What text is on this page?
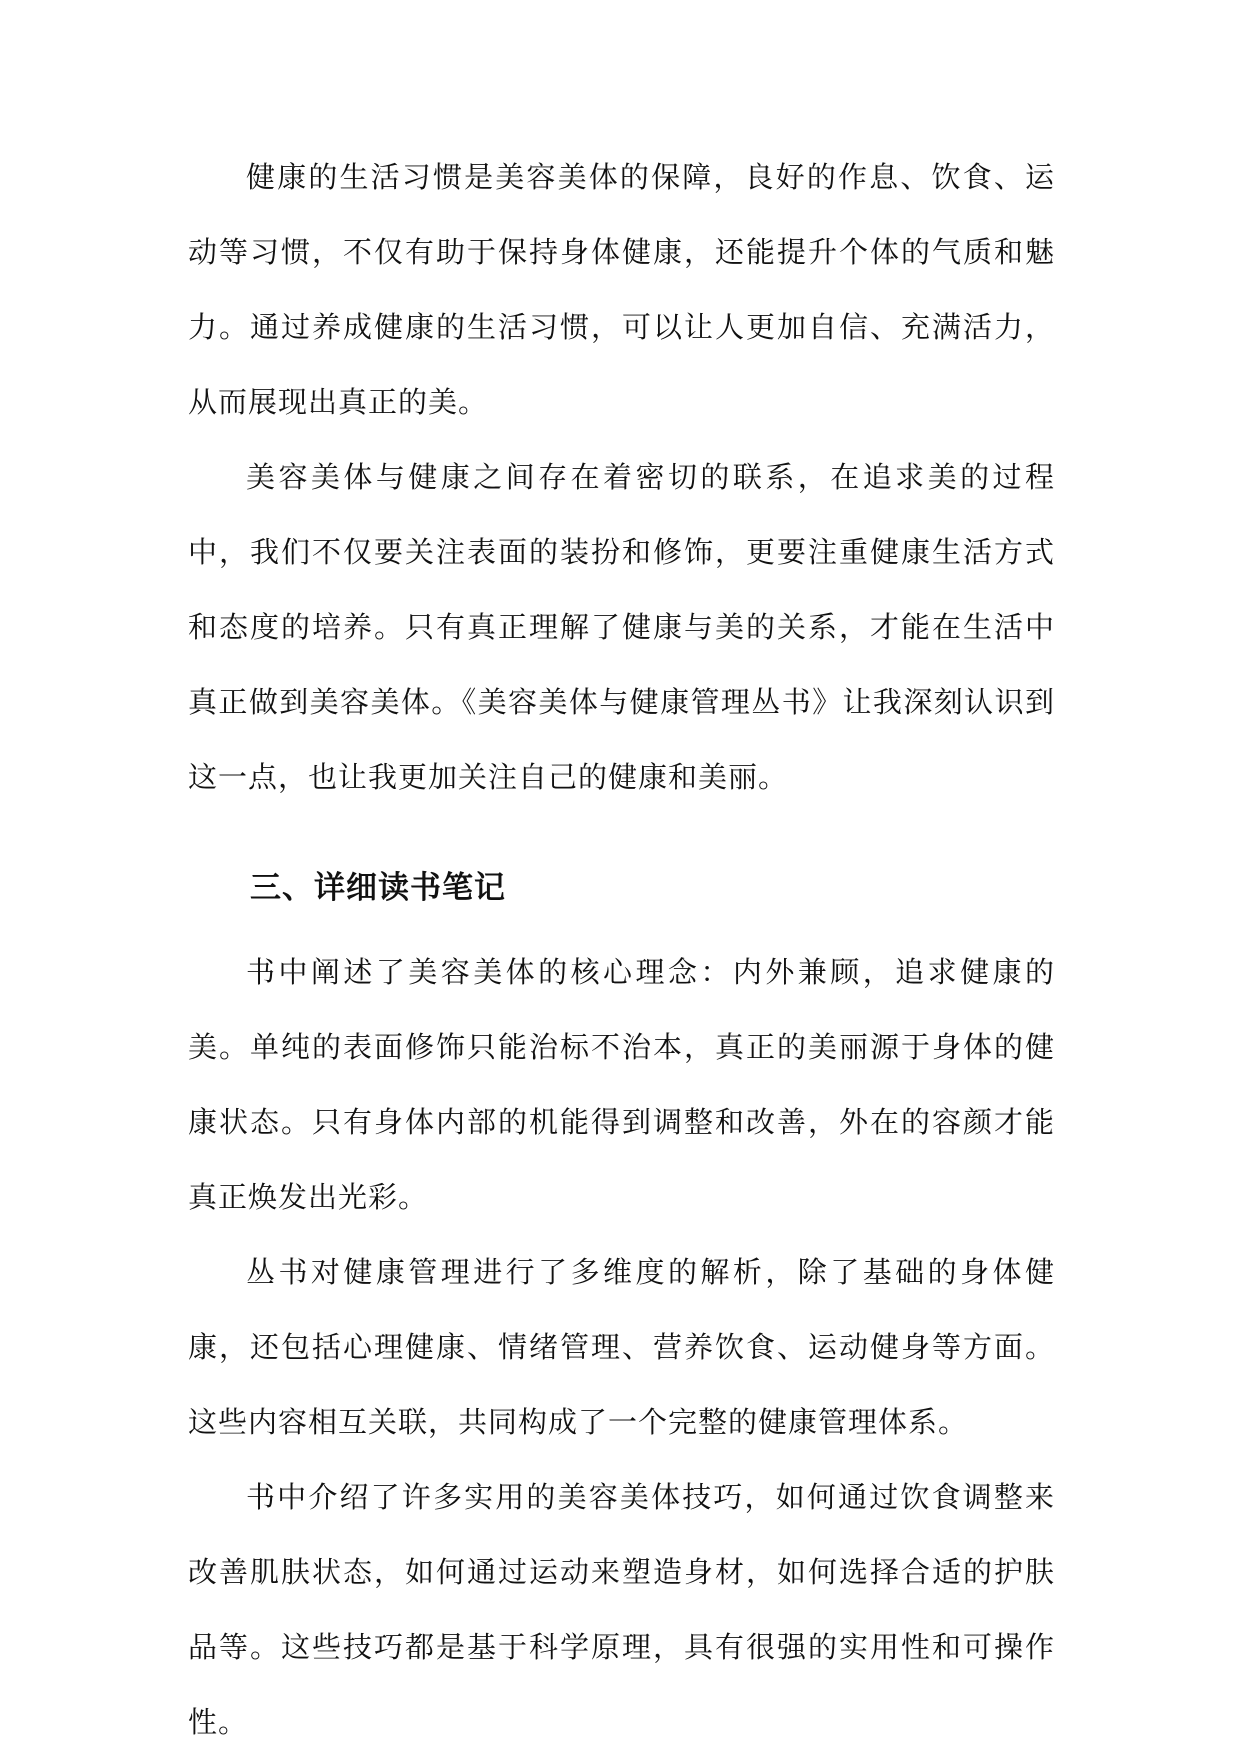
健康的生活习惯是美容美体的保障，良好的作息、饮食、运动等习惯，不仅有助于保持身体健康，还能提升个体的气质和魅力。通过养成健康的生活习惯，可以让人更加自信、充满活力，从而展现出真正的美。

美容美体与健康之间存在着密切的联系，在追求美的过程中，我们不仅要关注表面的装扮和修饰，更要注重健康生活方式和态度的培养。只有真正理解了健康与美的关系，才能在生活中真正做到美容美体。《美容美体与健康管理丛书》让我深刻认识到这一点，也让我更加关注自己的健康和美丽。

三、详细读书笔记

书中阐述了美容美体的核心理念：内外兼顾，追求健康的美。单纯的表面修饰只能治标不治本，真正的美丽源于身体的健康状态。只有身体内部的机能得到调整和改善，外在的容颜才能真正焕发出光彩。

丛书对健康管理进行了多维度的解析，除了基础的身体健康，还包括心理健康、情绪管理、营养饮食、运动健身等方面。这些内容相互关联，共同构成了一个完整的健康管理体系。

书中介绍了许多实用的美容美体技巧，如何通过饮食调整来改善肌肤状态，如何通过运动来塑造身材，如何选择合适的护肤品等。这些技巧都是基于科学原理，具有很强的实用性和可操作性。
